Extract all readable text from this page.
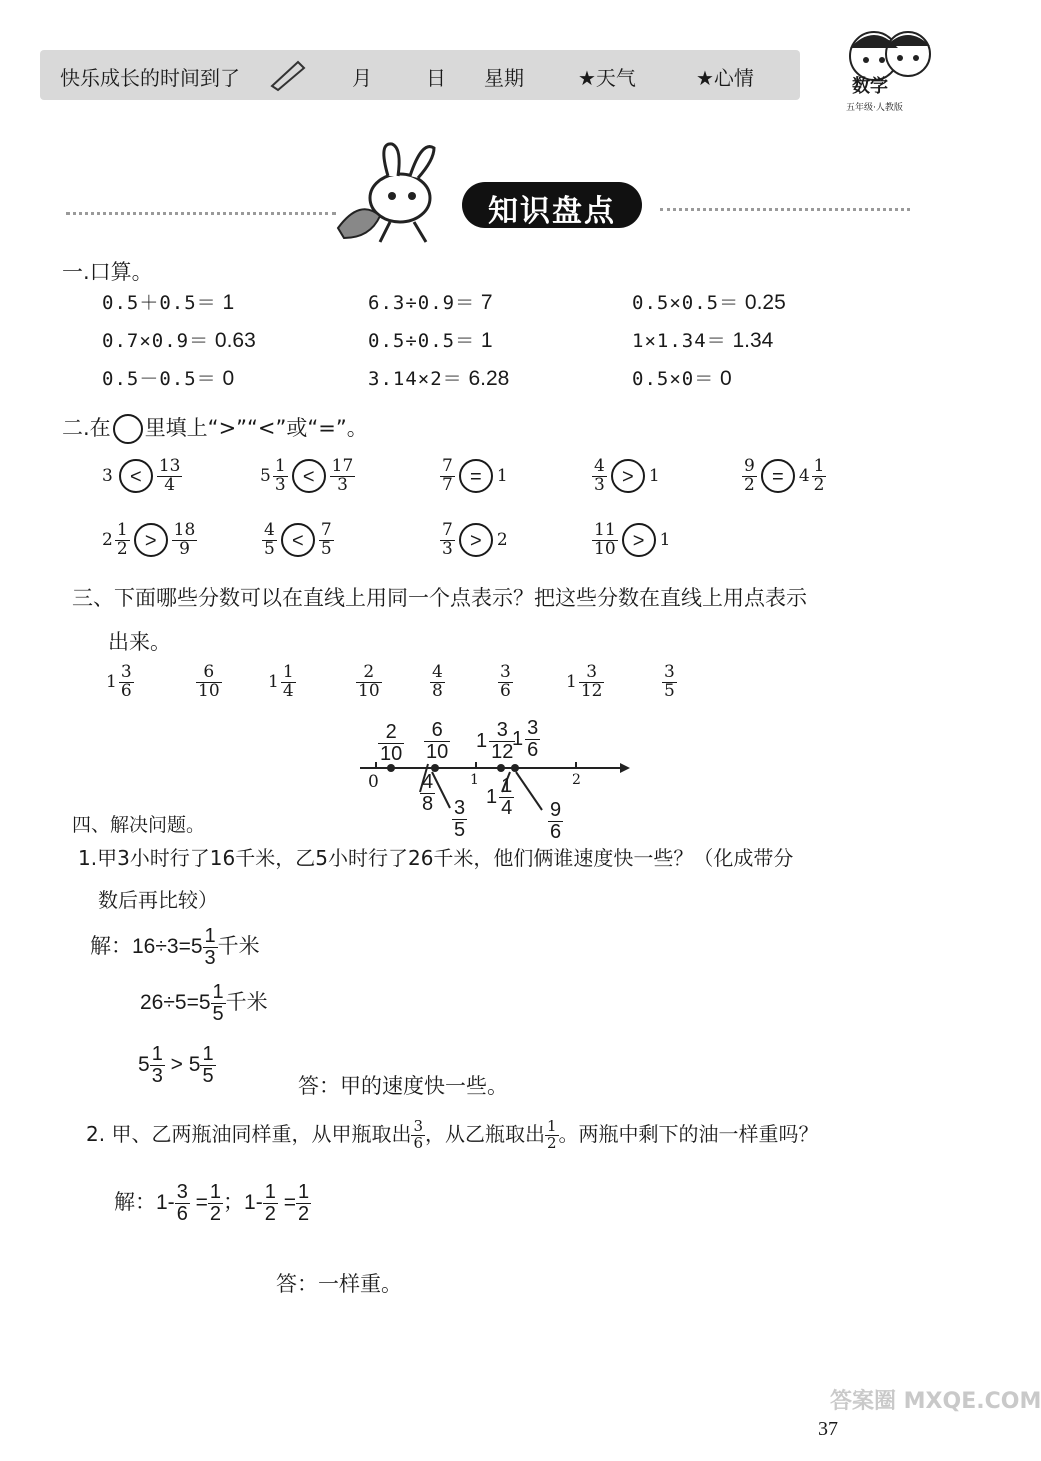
快乐成长的时间到了	月	日 星期	★天气	★心情	数学
五年级·人教版
知识盘点
一.口算。
二.在 里填上“>”“<”或“=”。
三、下面哪些分数可以在直线上用同一个点表示？把这些分数在直线上用点表示
出来。
0	1	2
四、解决问题。
1.甲3小时行了16千米，乙5小时行了26千米，他们俩谁速度快一些？（化成带分
数后再比较）
解：$16\div 3=5 \frac{1}{3}$ 千米
$26\div 5=5 \frac{1}{5}$ 千米
$5 \frac{1}{3} > 5 \frac{1}{5}$	答：甲的速度快一些。
2. 甲、乙两瓶油同样重，从甲瓶取出 $\frac{3}{6}$ ，从乙瓶取出 $\frac{1}{2}$ 。两瓶中剩下的油一样重吗？
解：$1- \frac{3}{6} = \frac{1}{2}$ ；$1- \frac{1}{2} = \frac{1}{2}$
答：一样重。
37
答案圈 MXQE.COM
0.5＋0.5＝ 1	6.3÷0.9＝ 7	0.5×0.5＝ 0.25
0.7×0.9＝ 0.63	0.5÷0.5＝ 1	1×1.34＝ 1.34
0.5－0.5＝ 0	3.14×2＝ 6.28	0.5×0＝ 0
$3 < \frac{13}{4}$	$5 \frac{1}{3} < \frac{17}{3}$	$\frac{7}{7} = 1$	$\frac{4}{3} > 1$	$\frac{9}{2} = 4 \frac{1}{2}$
$2 \frac{1}{2} > \frac{18}{9}$	$\frac{4}{5} < \frac{7}{5}$	$\frac{7}{3} > 2$	$\frac{11}{10} > 1$
$1 \frac{3}{6}$	$\frac{6}{10}$	$1 \frac{1}{4}$	$\frac{2}{10}$	$\frac{4}{8}$	$\frac{3}{6}$	$1 \frac{3}{12}$	$\frac{3}{5}$
$\frac{2}{10} \frac{6}{10} 1 \frac{3}{12}$
$1 \frac{3}{6}$
$\frac{4}{8}$
$\frac{3}{5}$
$1 \frac{1}{4}$
$\frac{9}{6}$
